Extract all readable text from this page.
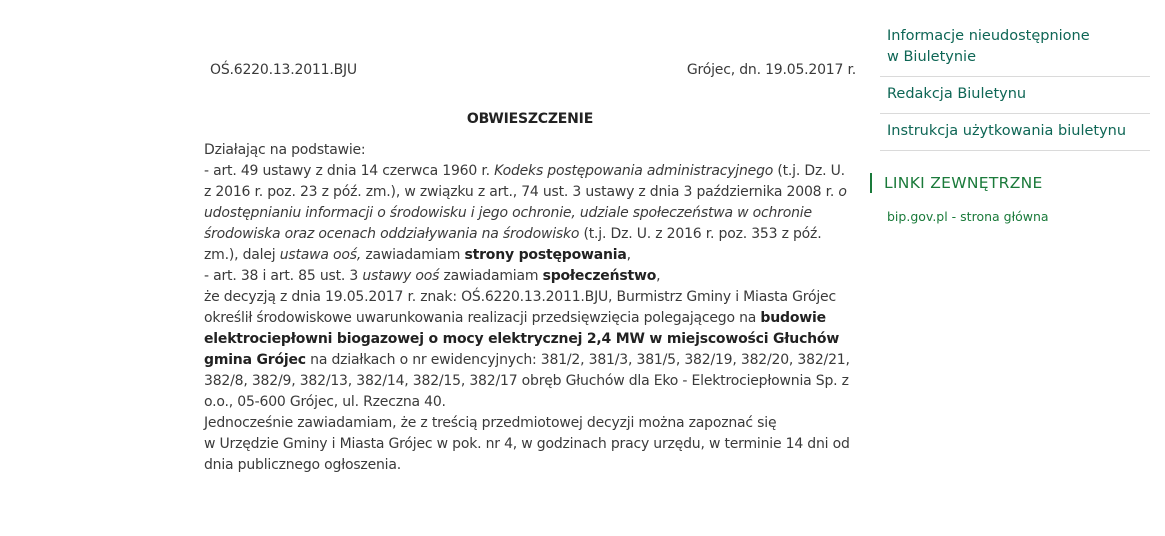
OŚ.6220.13.2011.BJU	Grójec, dn. 19.05.2017 r.
OBWIESZCZENIE

Działając na podstawie:
- art. 49 ustawy z dnia 14 czerwca 1960 r. Kodeks postępowania administracyjnego (t.j. Dz. U. z 2016 r. poz. 23 z póź. zm.), w związku z art., 74 ust. 3 ustawy z dnia 3 października 2008 r. o udostępnianiu informacji o środowisku i jego ochronie, udziale społeczeństwa w ochronie środowiska oraz ocenach oddziaływania na środowisko (t.j. Dz. U. z 2016 r. poz. 353 z póź. zm.), dalej ustawa ooś, zawiadamiam strony postępowania,
- art. 38 i art. 85 ust. 3 ustawy ooś zawiadamiam społeczeństwo,
że decyzją z dnia 19.05.2017 r. znak: OŚ.6220.13.2011.BJU, Burmistrz Gminy i Miasta Grójec określił środowiskowe uwarunkowania realizacji przedsięwzięcia polegającego na budowie elektrociepłowni biogazowej o mocy elektrycznej 2,4 MW w miejscowości Głuchów gmina Grójec na działkach o nr ewidencyjnych: 381/2, 381/3, 381/5, 382/19, 382/20, 382/21, 382/8, 382/9, 382/13, 382/14, 382/15, 382/17 obręb Głuchów dla Eko - Elektrociepłownia Sp. z o.o., 05-600 Grójec, ul. Rzeczna 40.
Jednocześnie zawiadamiam, że z treścią przedmiotowej decyzji można zapoznać się
w Urzędzie Gminy i Miasta Grójec w pok. nr 4, w godzinach pracy urzędu, w terminie 14 dni od dnia publicznego ogłoszenia.

Informacje nieudostępnione
w Biuletynie
Redakcja Biuletynu
Instrukcja użytkowania biuletynu
LINKI ZEWNĘTRZNE
bip.gov.pl - strona główna
